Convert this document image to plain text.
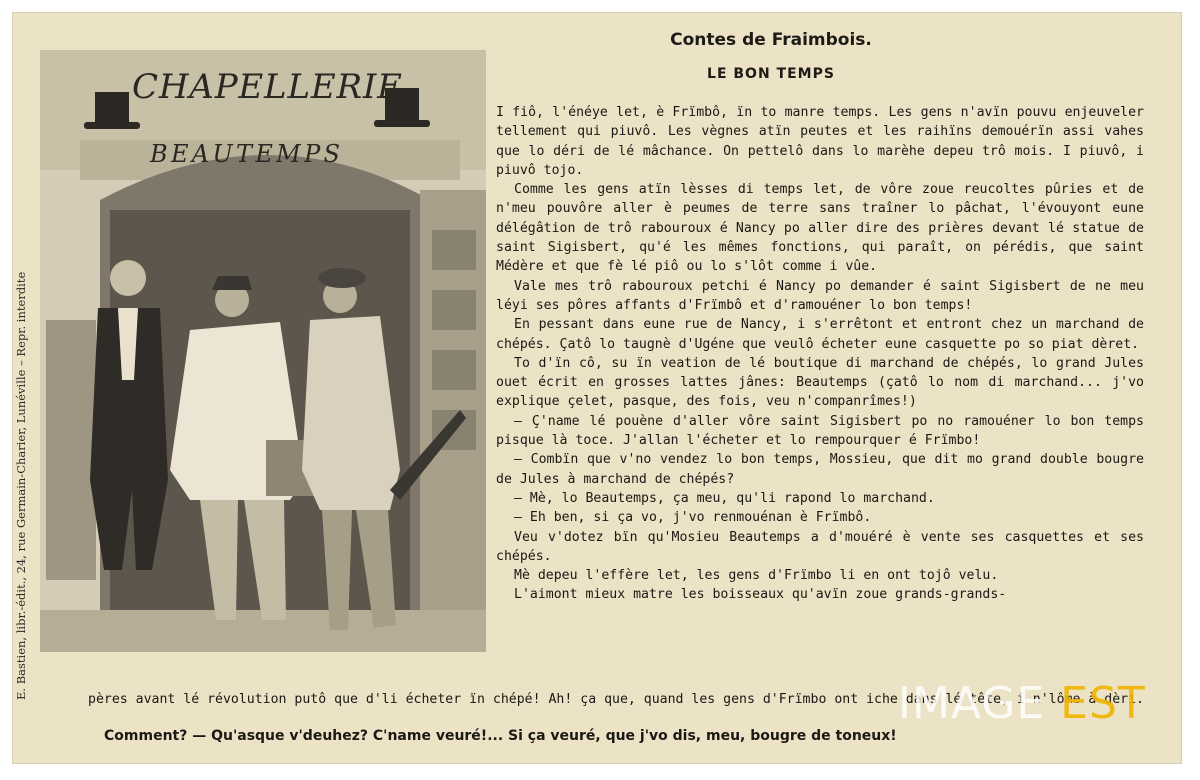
E. Bastien, libr.-édit., 24, rue Germain-Charier, Lunéville – Repr. interdite
CHAPELLERIE
BEAUTEMPS
Contes de Fraimbois.
LE BON TEMPS

I fiô, l'énéye let, è Frïmbô, ïn to manre temps. Les gens n'avïn pouvu enjeuveler tellement qui piuvô. Les vègnes atïn peutes et les raihïns demouérïn assi vahes que lo déri de lé mâchance. On pettelô dans lo marèhe depeu trô mois. I piuvô, i piuvô tojo.

Comme les gens atïn lèsses di temps let, de vôre zoue reucoltes pûries et de n'meu pouvôre aller è peumes de terre sans traîner lo pâchat, l'évouyont eune délégâtion de trô rabouroux é Nancy po aller dire des prières devant lé statue de saint Sigisbert, qu'é les mêmes fonctions, qui paraît, on pérédis, que saint Médère et que fè lé piô ou lo s'lôt comme i vûe.

Vale mes trô rabouroux petchi é Nancy po demander é saint Sigisbert de ne meu léyi ses pôres affants d'Frïmbô et d'ramouéner lo bon temps!

En pessant dans eune rue de Nancy, i s'errêtont et entront chez un marchand de chépés. Çatô lo taugnè d'Ugéne que veulô écheter eune casquette po so piat dèret.

To d'ïn cô, su ïn veation de lé boutique di marchand de chépés, lo grand Jules ouet écrit en grosses lattes jânes: Beautemps (çatô lo nom di marchand... j'vo explique çelet, pasque, des fois, veu n'companrîmes!)

— Ç'name lé pouène d'aller vôre saint Sigisbert po no ramouéner lo bon temps pisque là toce. J'allan l'écheter et lo rempourquer é Frïmbo!

— Combïn que v'no vendez lo bon temps, Mossieu, que dit mo grand double bougre de Jules à marchand de chépés?

— Mè, lo Beautemps, ça meu, qu'li rapond lo marchand.

— Eh ben, si ça vo, j'vo renmouénan è Frïmbô.

Veu v'dotez bïn qu'Mosieu Beautemps a d'mouéré è vente ses casquettes et ses chépés.

Mè depeu l'effère let, les gens d'Frïmbo li en ont tojô velu.

L'aimont mieux matre les boisseaux qu'avïn zoue grands-grands-

pères avant lé révolution putô que d'li écheter ïn chépé! Ah! ça que, quand les gens d'Frïmbo ont iche dans lé tête, i n'lôme à dèri.
Comment? — Qu'asque v'deuhez? C'name veuré!... Si ça veuré, que j'vo dis, meu, bougre de toneux!
IMAGE EST
